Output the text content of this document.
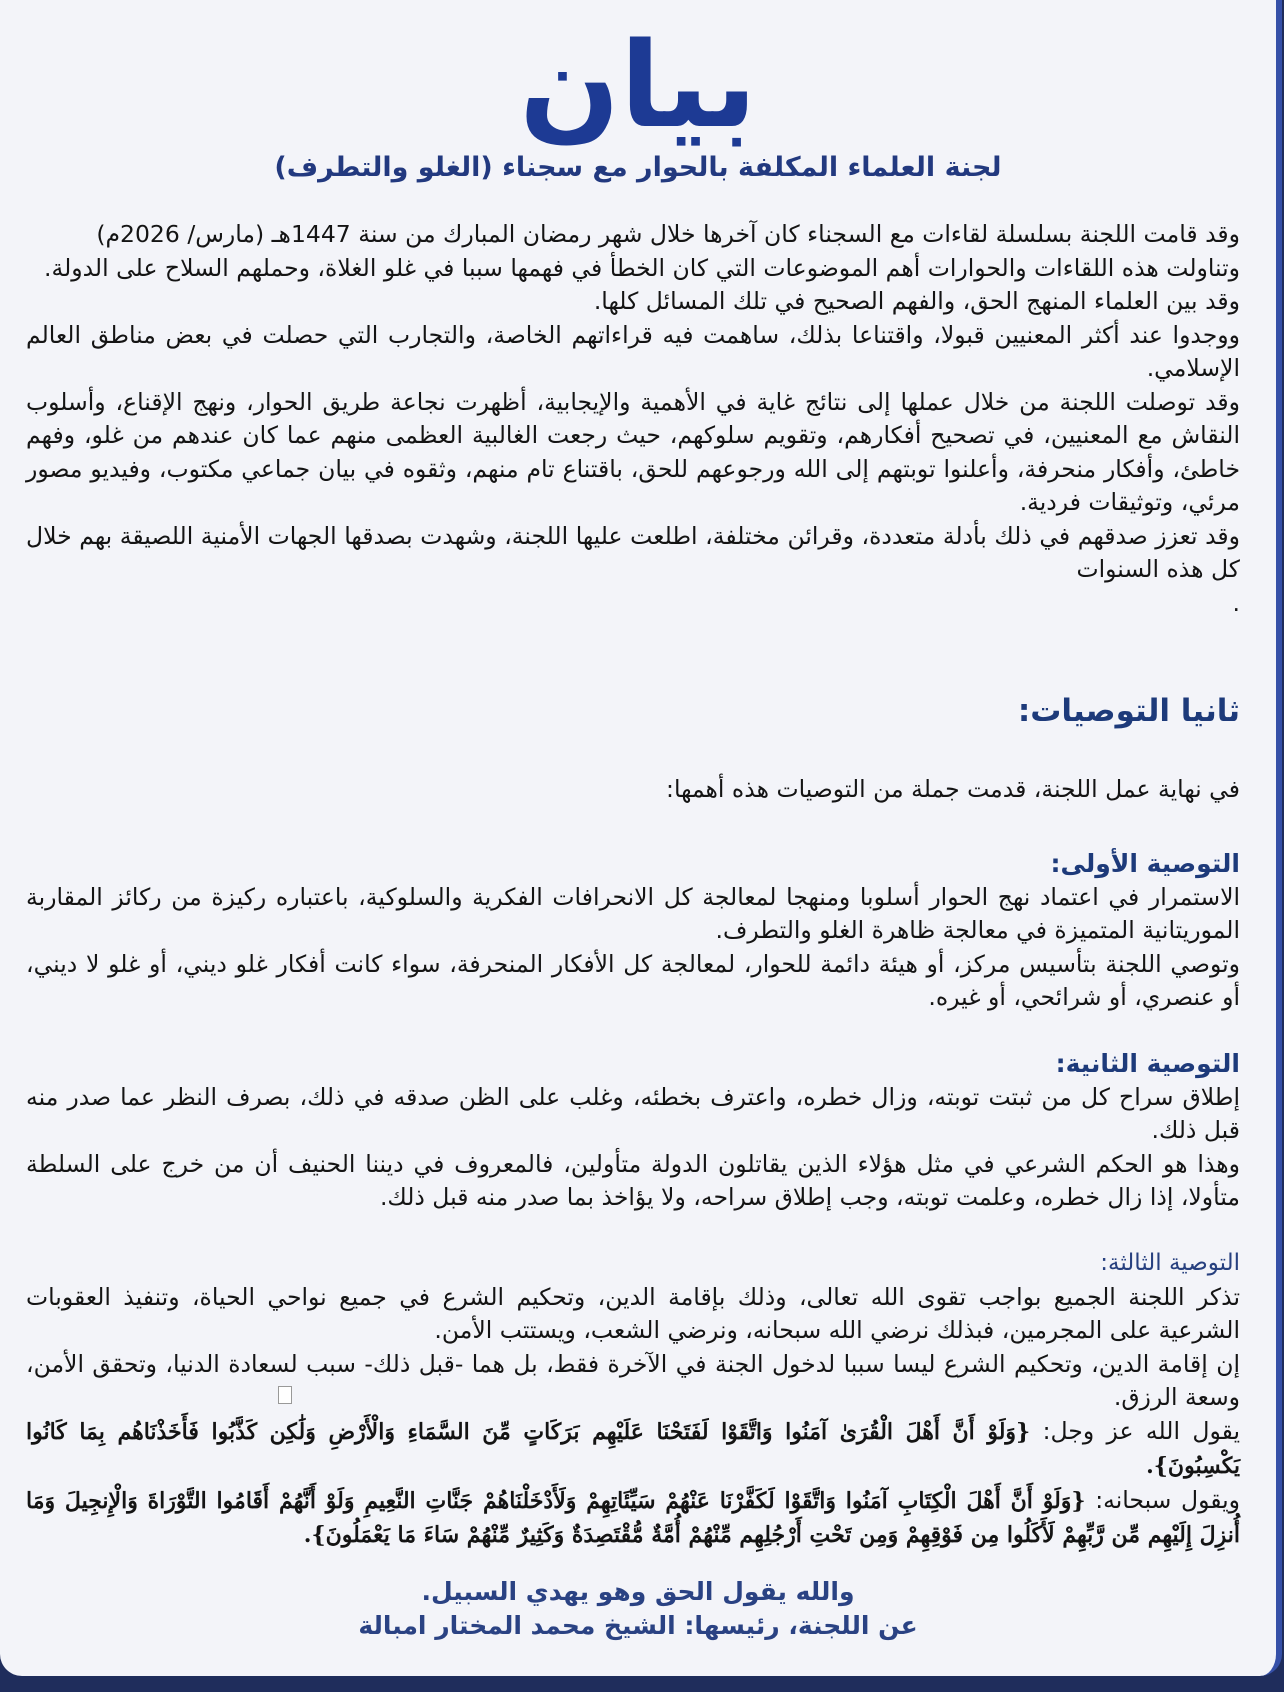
بيان
لجنة العلماء المكلفة بالحوار مع سجناء (الغلو والتطرف)

وقد قامت اللجنة بسلسلة لقاءات مع السجناء كان آخرها خلال شهر رمضان المبارك من سنة 1447هـ (مارس/ 2026م)

وتناولت هذه اللقاءات والحوارات أهم الموضوعات التي كان الخطأ في فهمها سببا في غلو الغلاة، وحملهم السلاح على الدولة.

وقد بين العلماء المنهج الحق، والفهم الصحيح في تلك المسائل كلها.

ووجدوا عند أكثر المعنيين قبولا، واقتناعا بذلك، ساهمت فيه قراءاتهم الخاصة، والتجارب التي حصلت في بعض مناطق العالم الإسلامي.

وقد توصلت اللجنة من خلال عملها إلى نتائج غاية في الأهمية والإيجابية، أظهرت نجاعة طريق الحوار، ونهج الإقناع، وأسلوب النقاش مع المعنيين، في تصحيح أفكارهم، وتقويم سلوكهم، حيث رجعت الغالبية العظمى منهم عما كان عندهم من غلو، وفهم خاطئ، وأفكار منحرفة، وأعلنوا توبتهم إلى الله ورجوعهم للحق، باقتناع تام منهم، وثقوه في بيان جماعي مكتوب، وفيديو مصور مرئي، وتوثيقات فردية.

وقد تعزز صدقهم في ذلك بأدلة متعددة، وقرائن مختلفة، اطلعت عليها اللجنة، وشهدت بصدقها الجهات الأمنية اللصيقة بهم خلال كل هذه السنوات

.

ثانيا التوصيات:

في نهاية عمل اللجنة، قدمت جملة من التوصيات هذه أهمها:

التوصية الأولى:

الاستمرار في اعتماد نهج الحوار أسلوبا ومنهجا لمعالجة كل الانحرافات الفكرية والسلوكية، باعتباره ركيزة من ركائز المقاربة الموريتانية المتميزة في معالجة ظاهرة الغلو والتطرف.

وتوصي اللجنة بتأسيس مركز، أو هيئة دائمة للحوار، لمعالجة كل الأفكار المنحرفة، سواء كانت أفكار غلو ديني، أو غلو لا ديني، أو عنصري، أو شرائحي، أو غيره.

التوصية الثانية:

إطلاق سراح كل من ثبتت توبته، وزال خطره، واعترف بخطئه، وغلب على الظن صدقه في ذلك، بصرف النظر عما صدر منه قبل ذلك.

وهذا هو الحكم الشرعي في مثل هؤلاء الذين يقاتلون الدولة متأولين، فالمعروف في ديننا الحنيف أن من خرج على السلطة متأولا، إذا زال خطره، وعلمت توبته، وجب إطلاق سراحه، ولا يؤاخذ بما صدر منه قبل ذلك.

التوصية الثالثة:

تذكر اللجنة الجميع بواجب تقوى الله تعالى، وذلك بإقامة الدين، وتحكيم الشرع في جميع نواحي الحياة، وتنفيذ العقوبات الشرعية على المجرمين، فبذلك نرضي الله سبحانه، ونرضي الشعب، ويستتب الأمن.

إن إقامة الدين، وتحكيم الشرع ليسا سببا لدخول الجنة في الآخرة فقط، بل هما -قبل ذلك- سبب لسعادة الدنيا، وتحقق الأمن، وسعة الرزق.

يقول الله عز وجل: {وَلَوْ أَنَّ أَهْلَ الْقُرَىٰ آمَنُوا وَاتَّقَوْا لَفَتَحْنَا عَلَيْهِم بَرَكَاتٍ مِّنَ السَّمَاءِ وَالْأَرْضِ وَلَٰكِن كَذَّبُوا فَأَخَذْنَاهُم بِمَا كَانُوا يَكْسِبُونَ}.

ويقول سبحانه: {وَلَوْ أَنَّ أَهْلَ الْكِتَابِ آمَنُوا وَاتَّقَوْا لَكَفَّرْنَا عَنْهُمْ سَيِّئَاتِهِمْ وَلَأَدْخَلْنَاهُمْ جَنَّاتِ النَّعِيمِ وَلَوْ أَنَّهُمْ أَقَامُوا التَّوْرَاةَ وَالْإِنجِيلَ وَمَا أُنزِلَ إِلَيْهِم مِّن رَّبِّهِمْ لَأَكَلُوا مِن فَوْقِهِمْ وَمِن تَحْتِ أَرْجُلِهِم مِّنْهُمْ أُمَّةٌ مُّقْتَصِدَةٌ وَكَثِيرٌ مِّنْهُمْ سَاءَ مَا يَعْمَلُونَ}.

والله يقول الحق وهو يهدي السبيل.
عن اللجنة، رئيسها: الشيخ محمد المختار امبالة
